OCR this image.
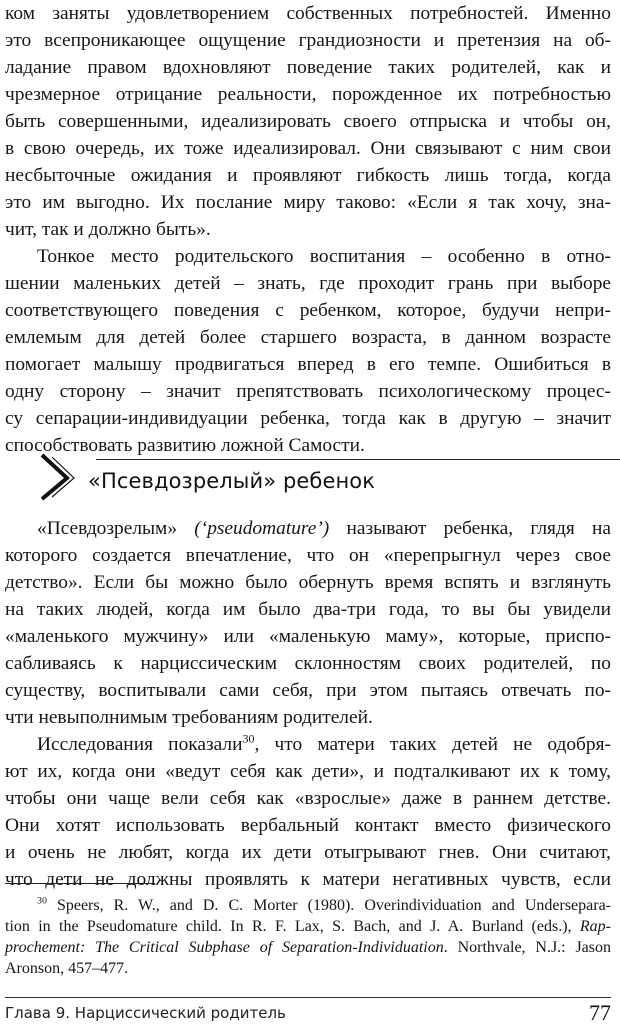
ком заняты удовлетворением собственных потребностей. Именно
это всепроникающее ощущение грандиозности и претензия на об-
ладание правом вдохновляют поведение таких родителей, как и
чрезмерное отрицание реальности, порожденное их потребностью
быть совершенными, идеализировать своего отпрыска и чтобы он,
в свою очередь, их тоже идеализировал. Они связывают с ним свои
несбыточные ожидания и проявляют гибкость лишь тогда, когда
это им выгодно. Их послание миру таково: «Если я так хочу, зна-
чит, так и должно быть».
Тонкое место родительского воспитания – особенно в отно-
шении маленьких детей – знать, где проходит грань при выборе
соответствующего поведения с ребенком, которое, будучи непри-
емлемым для детей более старшего возраста, в данном возрасте
помогает малышу продвигаться вперед в его темпе. Ошибиться в
одну сторону – значит препятствовать психологическому процес-
су сепарации-индивидуации ребенка, тогда как в другую – значит
способствовать развитию ложной Самости.
«Псевдозрелый» ребенок
«Псевдозрелым» (‘pseudomature’) называют ребенка, глядя на
которого создается впечатление, что он «перепрыгнул через свое
детство». Если бы можно было обернуть время вспять и взглянуть
на таких людей, когда им было два-три года, то вы бы увидели
«маленького мужчину» или «маленькую маму», которые, приспо-
сабливаясь к нарциссическим склонностям своих родителей, по
существу, воспитывали сами себя, при этом пытаясь отвечать по-
чти невыполнимым требованиям родителей.
Исследования показали$^{30}$, что матери таких детей не одобря-
ют их, когда они «ведут себя как дети», и подталкивают их к тому,
чтобы они чаще вели себя как «взрослые» даже в раннем детстве.
Они хотят использовать вербальный контакт вместо физического
и очень не любят, когда их дети отыгрывают гнев. Они считают,
что дети не должны проявлять к матери негативных чувств, если
$^{30}$ Speers, R. W., and D. C. Morter (1980). Overindividuation and Undersepara-
tion in the Pseudomature child. In R. F. Lax, S. Bach, and J. A. Burland (eds.), Rap-
prochement: The Critical Subphase of Separation-Individuation. Northvale, N.J.: Jason
Aronson, 457–477.
Глава 9. Нарциссический родитель	77
